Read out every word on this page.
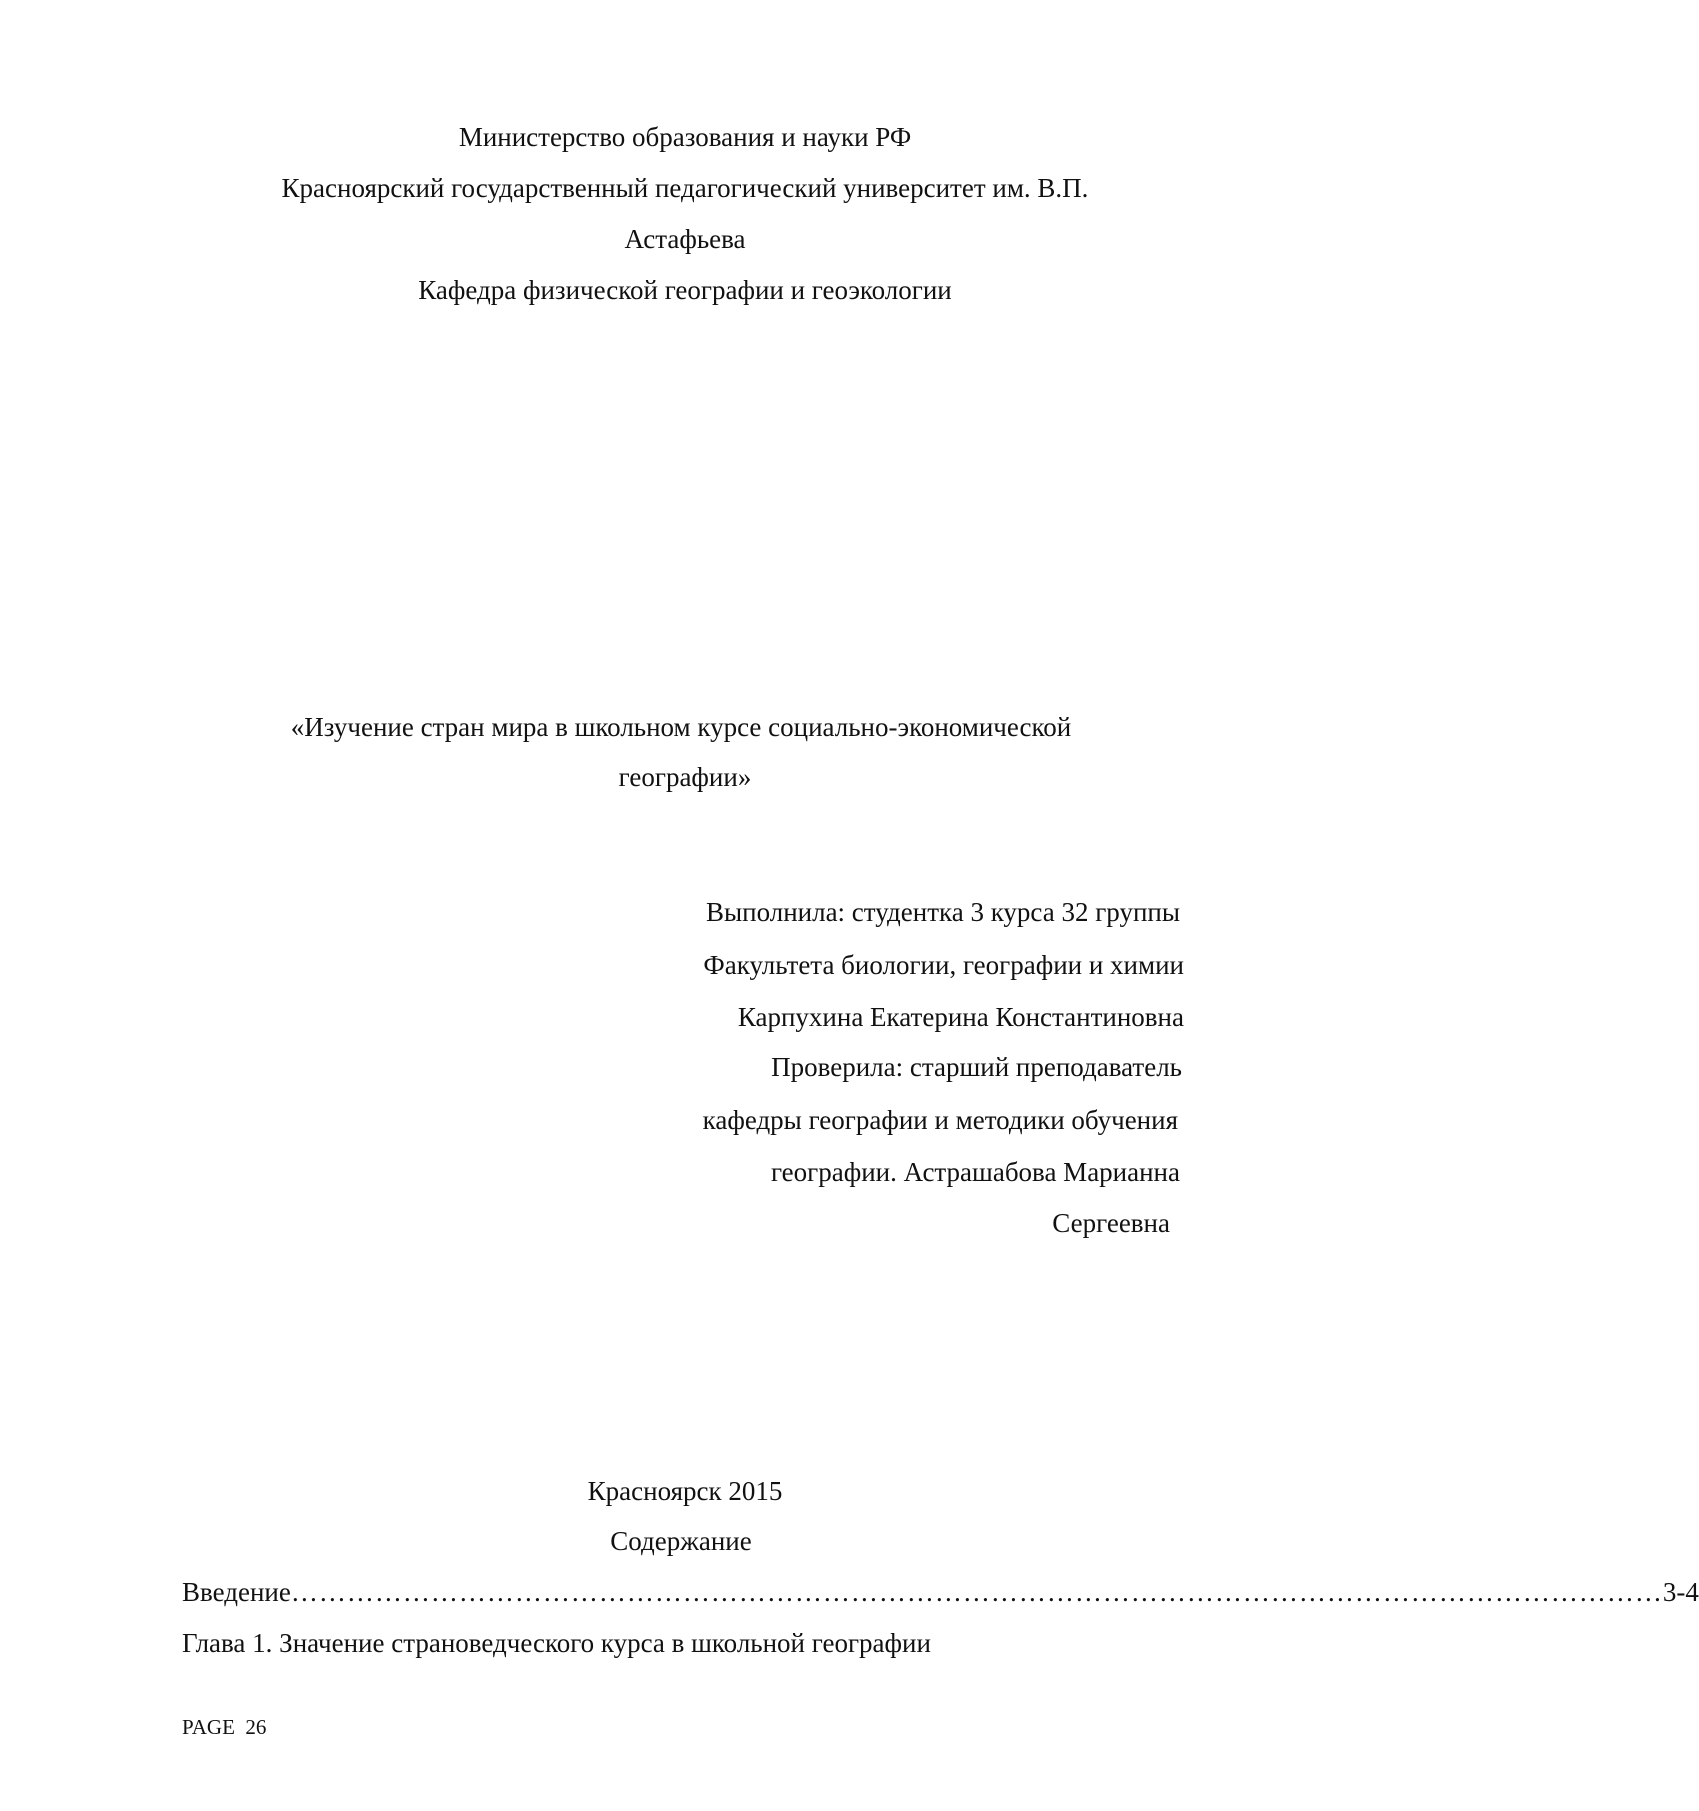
Министерство образования и науки РФ
Красноярский государственный педагогический университет им. В.П.
Астафьева
Кафедра физической географии и геоэкологии
«Изучение стран мира в школьном курсе социально-экономической
географии»
Выполнила: студентка 3 курса 32 группы
Факультета биологии, географии и химии
Карпухина Екатерина Константиновна
Проверила: старший преподаватель
кафедры географии и методики обучения
географии. Астрашабова Марианна
Сергеевна
Красноярск 2015
Содержание
Введение ………………………………………………………………………………………………………………………………… 3-4
Глава 1. Значение страноведческого курса в школьной географии
PAGE 26
